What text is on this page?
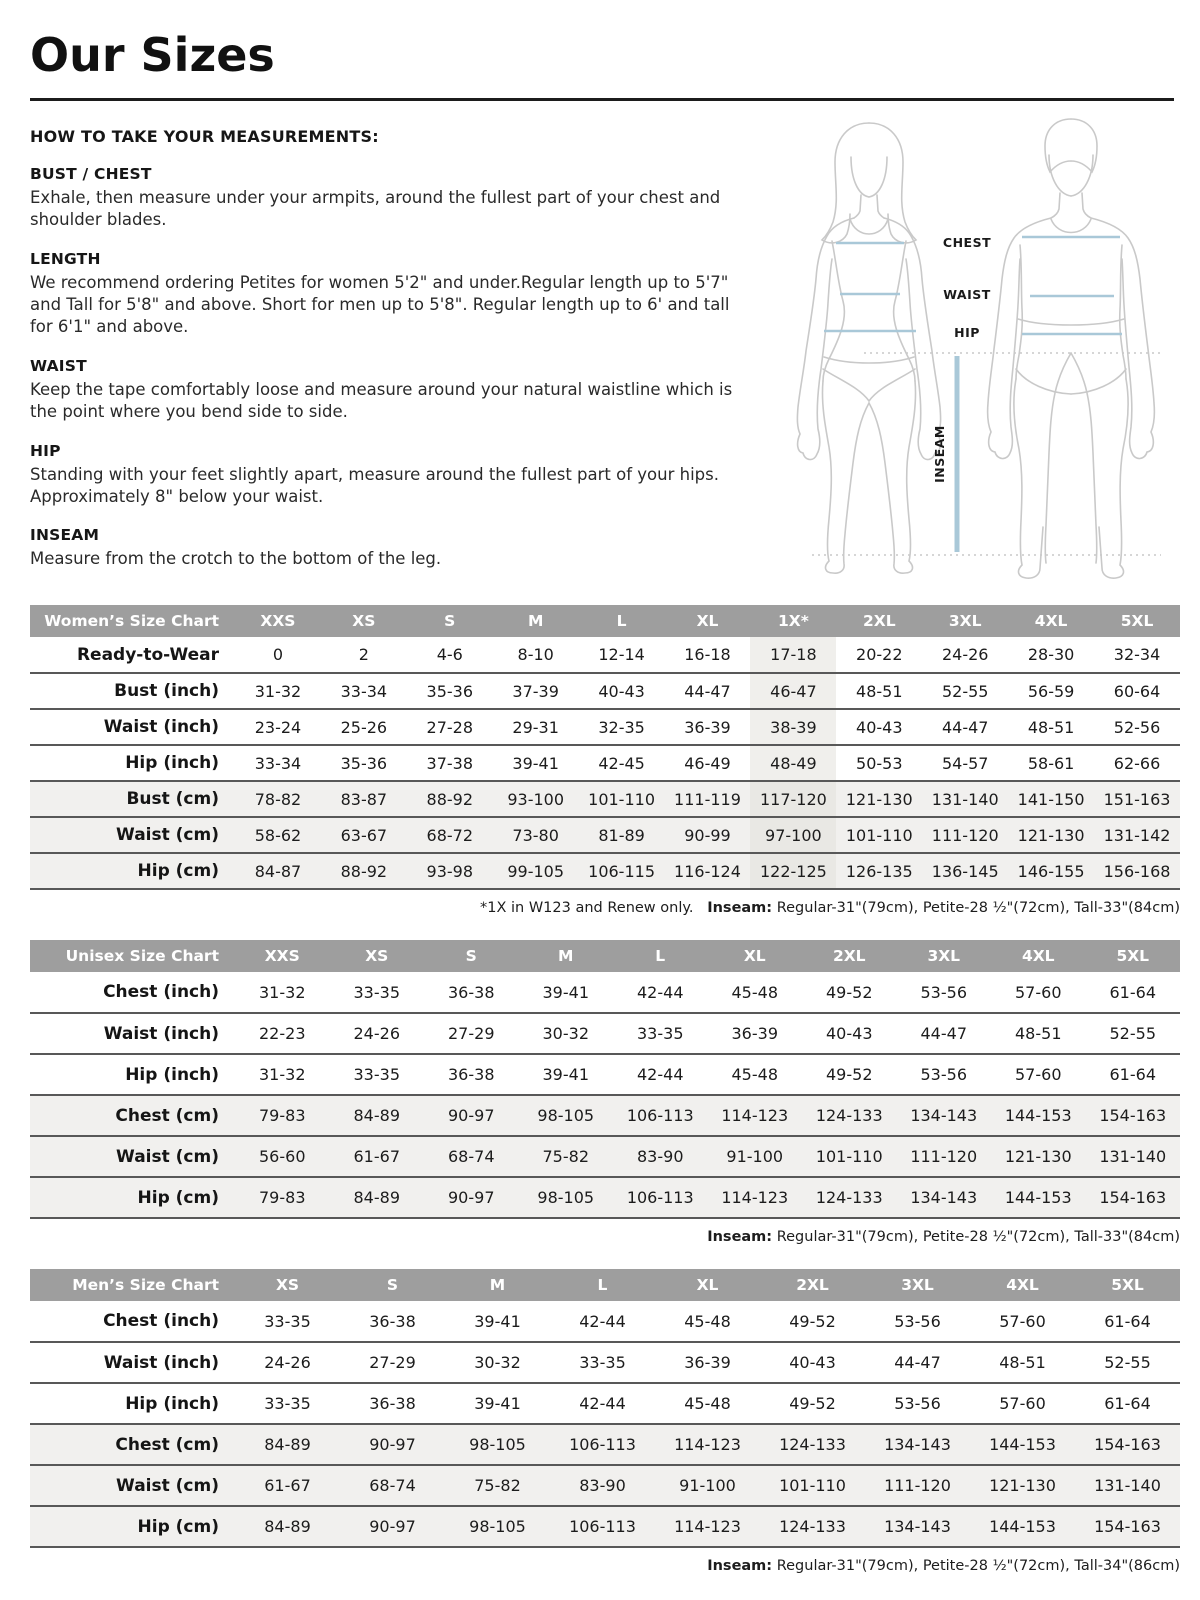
Our Sizes
HOW TO TAKE YOUR MEASUREMENTS:
BUST / CHEST

Exhale, then measure under your armpits, around the fullest part of your chest and shoulder blades.

LENGTH

We recommend ordering Petites for women 5'2" and under.Regular length up to 5'7" and Tall for 5'8" and above. Short for men up to 5'8". Regular length up to 6' and tall for 6'1" and above.

WAIST

Keep the tape comfortably loose and measure around your natural waistline which is the point where you bend side to side.

HIP

Standing with your feet slightly apart, measure around the fullest part of your hips. Approximately 8" below your waist.

INSEAM

Measure from the crotch to the bottom of the leg.

CHEST
WAIST
HIP
INSEAM
Women’s Size Chart	XXS	XS	S	M	L	XL	1X*	2XL	3XL	4XL	5XL
Ready-to-Wear	0	2	4-6	8-10	12-14	16-18	17-18	20-22	24-26	28-30	32-34
Bust (inch)	31-32	33-34	35-36	37-39	40-43	44-47	46-47	48-51	52-55	56-59	60-64
Waist (inch)	23-24	25-26	27-28	29-31	32-35	36-39	38-39	40-43	44-47	48-51	52-56
Hip (inch)	33-34	35-36	37-38	39-41	42-45	46-49	48-49	50-53	54-57	58-61	62-66
Bust (cm)	78-82	83-87	88-92	93-100	101-110	111-119	117-120	121-130	131-140	141-150	151-163
Waist (cm)	58-62	63-67	68-72	73-80	81-89	90-99	97-100	101-110	111-120	121-130	131-142
Hip (cm)	84-87	88-92	93-98	99-105	106-115	116-124	122-125	126-135	136-145	146-155	156-168
*1X in W123 and Renew only. Inseam: Regular-31"(79cm), Petite-28 ½"(72cm), Tall-33"(84cm)
Unisex Size Chart	XXS	XS	S	M	L	XL	2XL	3XL	4XL	5XL
Chest (inch)	31-32	33-35	36-38	39-41	42-44	45-48	49-52	53-56	57-60	61-64
Waist (inch)	22-23	24-26	27-29	30-32	33-35	36-39	40-43	44-47	48-51	52-55
Hip (inch)	31-32	33-35	36-38	39-41	42-44	45-48	49-52	53-56	57-60	61-64
Chest (cm)	79-83	84-89	90-97	98-105	106-113	114-123	124-133	134-143	144-153	154-163
Waist (cm)	56-60	61-67	68-74	75-82	83-90	91-100	101-110	111-120	121-130	131-140
Hip (cm)	79-83	84-89	90-97	98-105	106-113	114-123	124-133	134-143	144-153	154-163
Inseam: Regular-31"(79cm), Petite-28 ½"(72cm), Tall-33"(84cm)
Men’s Size Chart	XS	S	M	L	XL	2XL	3XL	4XL	5XL
Chest (inch)	33-35	36-38	39-41	42-44	45-48	49-52	53-56	57-60	61-64
Waist (inch)	24-26	27-29	30-32	33-35	36-39	40-43	44-47	48-51	52-55
Hip (inch)	33-35	36-38	39-41	42-44	45-48	49-52	53-56	57-60	61-64
Chest (cm)	84-89	90-97	98-105	106-113	114-123	124-133	134-143	144-153	154-163
Waist (cm)	61-67	68-74	75-82	83-90	91-100	101-110	111-120	121-130	131-140
Hip (cm)	84-89	90-97	98-105	106-113	114-123	124-133	134-143	144-153	154-163
Inseam: Regular-31"(79cm), Petite-28 ½"(72cm), Tall-34"(86cm)
